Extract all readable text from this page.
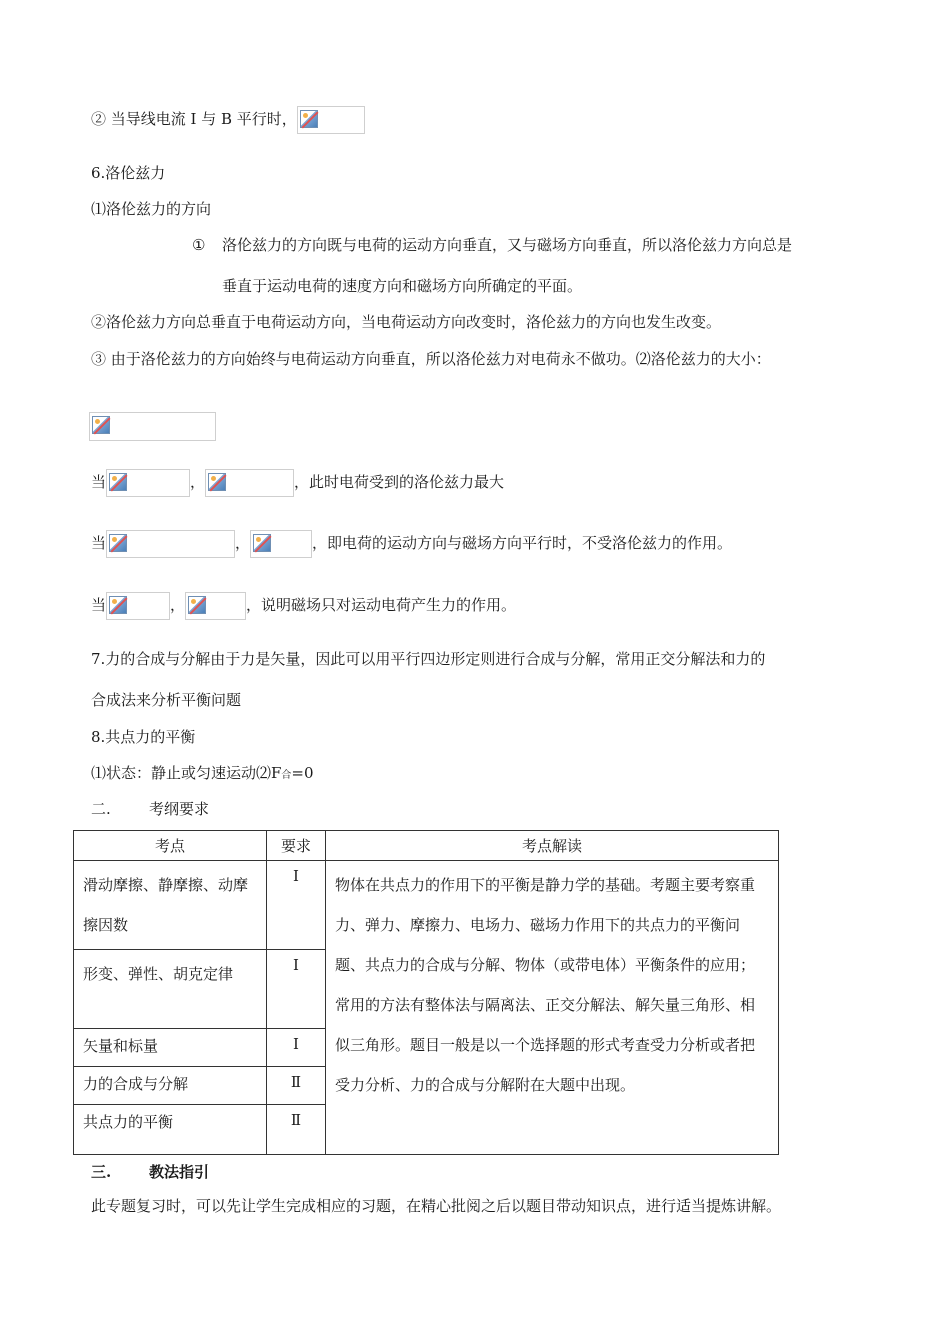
② 当导线电流 I 与 B 平行时，
6.洛伦兹力
⑴洛伦兹力的方向
① 洛伦兹力的方向既与电荷的运动方向垂直，又与磁场方向垂直，所以洛伦兹力方向总是
垂直于运动电荷的速度方向和磁场方向所确定的平面。
②洛伦兹力方向总垂直于电荷运动方向，当电荷运动方向改变时，洛伦兹力的方向也发生改变。
③ 由于洛伦兹力的方向始终与电荷运动方向垂直，所以洛伦兹力对电荷永不做功。⑵洛伦兹力的大小：
当	，	，此时电荷受到的洛伦兹力最大
当	，	，即电荷的运动方向与磁场方向平行时，不受洛伦兹力的作用。
当	，	，说明磁场只对运动电荷产生力的作用。
7.力的合成与分解由于力是矢量，因此可以用平行四边形定则进行合成与分解，常用正交分解法和力的
合成法来分析平衡问题
8.共点力的平衡
⑴状态：静止或匀速运动⑵F合=0
二.	考纲要求
考点	要求	考点解读
滑动摩擦、静摩擦、动摩擦因数	Ⅰ	物体在共点力的作用下的平衡是静力学的基础。考题主要考察重力、弹力、摩擦力、电场力、磁场力作用下的共点力的平衡问题、共点力的合成与分解、物体（或带电体）平衡条件的应用；常用的方法有整体法与隔离法、正交分解法、解矢量三角形、相似三角形。题目一般是以一个选择题的形式考查受力分析或者把受力分析、力的合成与分解附在大题中出现。
形变、弹性、胡克定律	Ⅰ	
矢量和标量	Ⅰ	
力的合成与分解	Ⅱ	
共点力的平衡	Ⅱ	
三.	教法指引
此专题复习时，可以先让学生完成相应的习题，在精心批阅之后以题目带动知识点，进行适当提炼讲解。
